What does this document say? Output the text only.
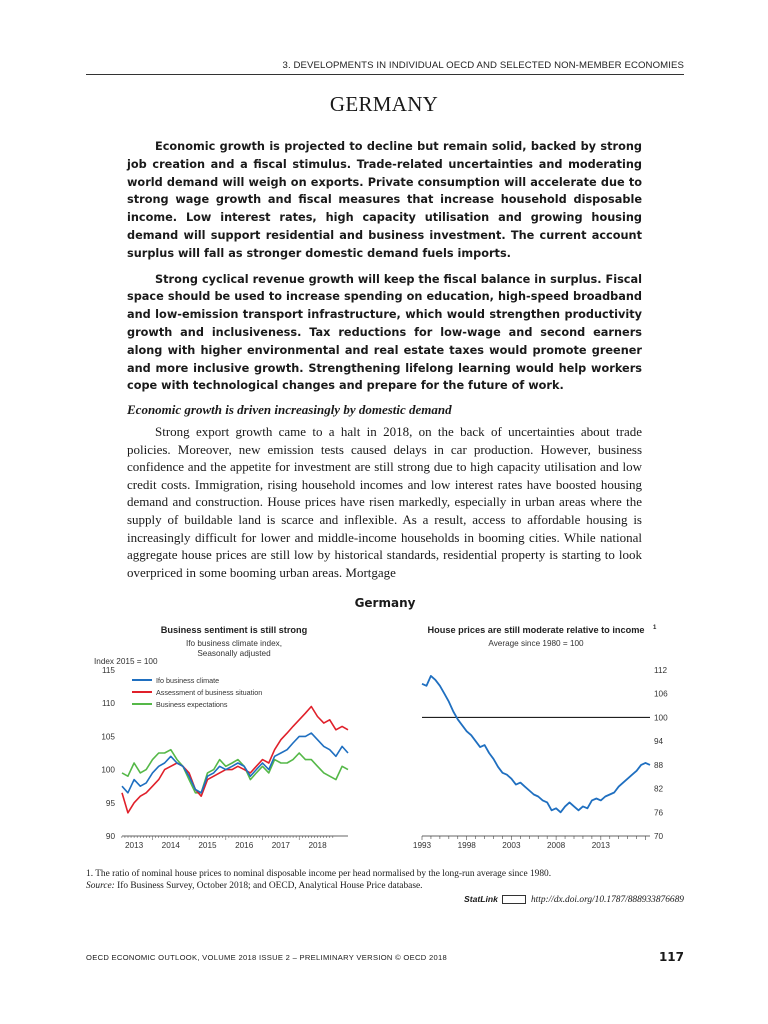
3. DEVELOPMENTS IN INDIVIDUAL OECD AND SELECTED NON-MEMBER ECONOMIES
GERMANY

Economic growth is projected to decline but remain solid, backed by strong job creation and a fiscal stimulus. Trade-related uncertainties and moderating world demand will weigh on exports. Private consumption will accelerate due to strong wage growth and fiscal measures that increase household disposable income. Low interest rates, high capacity utilisation and growing housing demand will support residential and business investment. The current account surplus will fall as stronger domestic demand fuels imports.

Strong cyclical revenue growth will keep the fiscal balance in surplus. Fiscal space should be used to increase spending on education, high-speed broadband and low-emission transport infrastructure, which would strengthen productivity growth and inclusiveness. Tax reductions for low-wage and second earners along with higher environmental and real estate taxes would promote greener and more inclusive growth. Strengthening lifelong learning would help workers cope with technological changes and prepare for the future of work.

Economic growth is driven increasingly by domestic demand

Strong export growth came to a halt in 2018, on the back of uncertainties about trade policies. Moreover, new emission tests caused delays in car production. However, business confidence and the appetite for investment are still strong due to high capacity utilisation and low credit costs. Immigration, rising household incomes and low interest rates have boosted housing demand and construction. House prices have risen markedly, especially in urban areas where the supply of buildable land is scarce and inflexible. As a result, access to affordable housing is increasingly difficult for lower and middle-income households in booming cities. While national aggregate house prices are still low by historical standards, residential property is starting to look overpriced in some booming urban areas. Mortgage

Germany
Business sentiment is still strong
Ifo business climate index,
Seasonally adjusted
Index 2015 = 100
115
110
105
100
95
90
2013 2014 2015 2016 2017 2018
Ifo business climate
Assessment of business situation
Business expectations
House prices are still moderate relative to income 1
Average since 1980 = 100
112
106
100
94
88
82
76
70
1993	1998	2003	2008	2013
1. The ratio of nominal house prices to nominal disposable income per head normalised by the long-run average since 1980.
Source: Ifo Business Survey, October 2018; and OECD, Analytical House Price database.
StatLink	http://dx.doi.org/10.1787/888933876689
OECD ECONOMIC OUTLOOK, VOLUME 2018 ISSUE 2 – PRELIMINARY VERSION © OECD 2018	117
